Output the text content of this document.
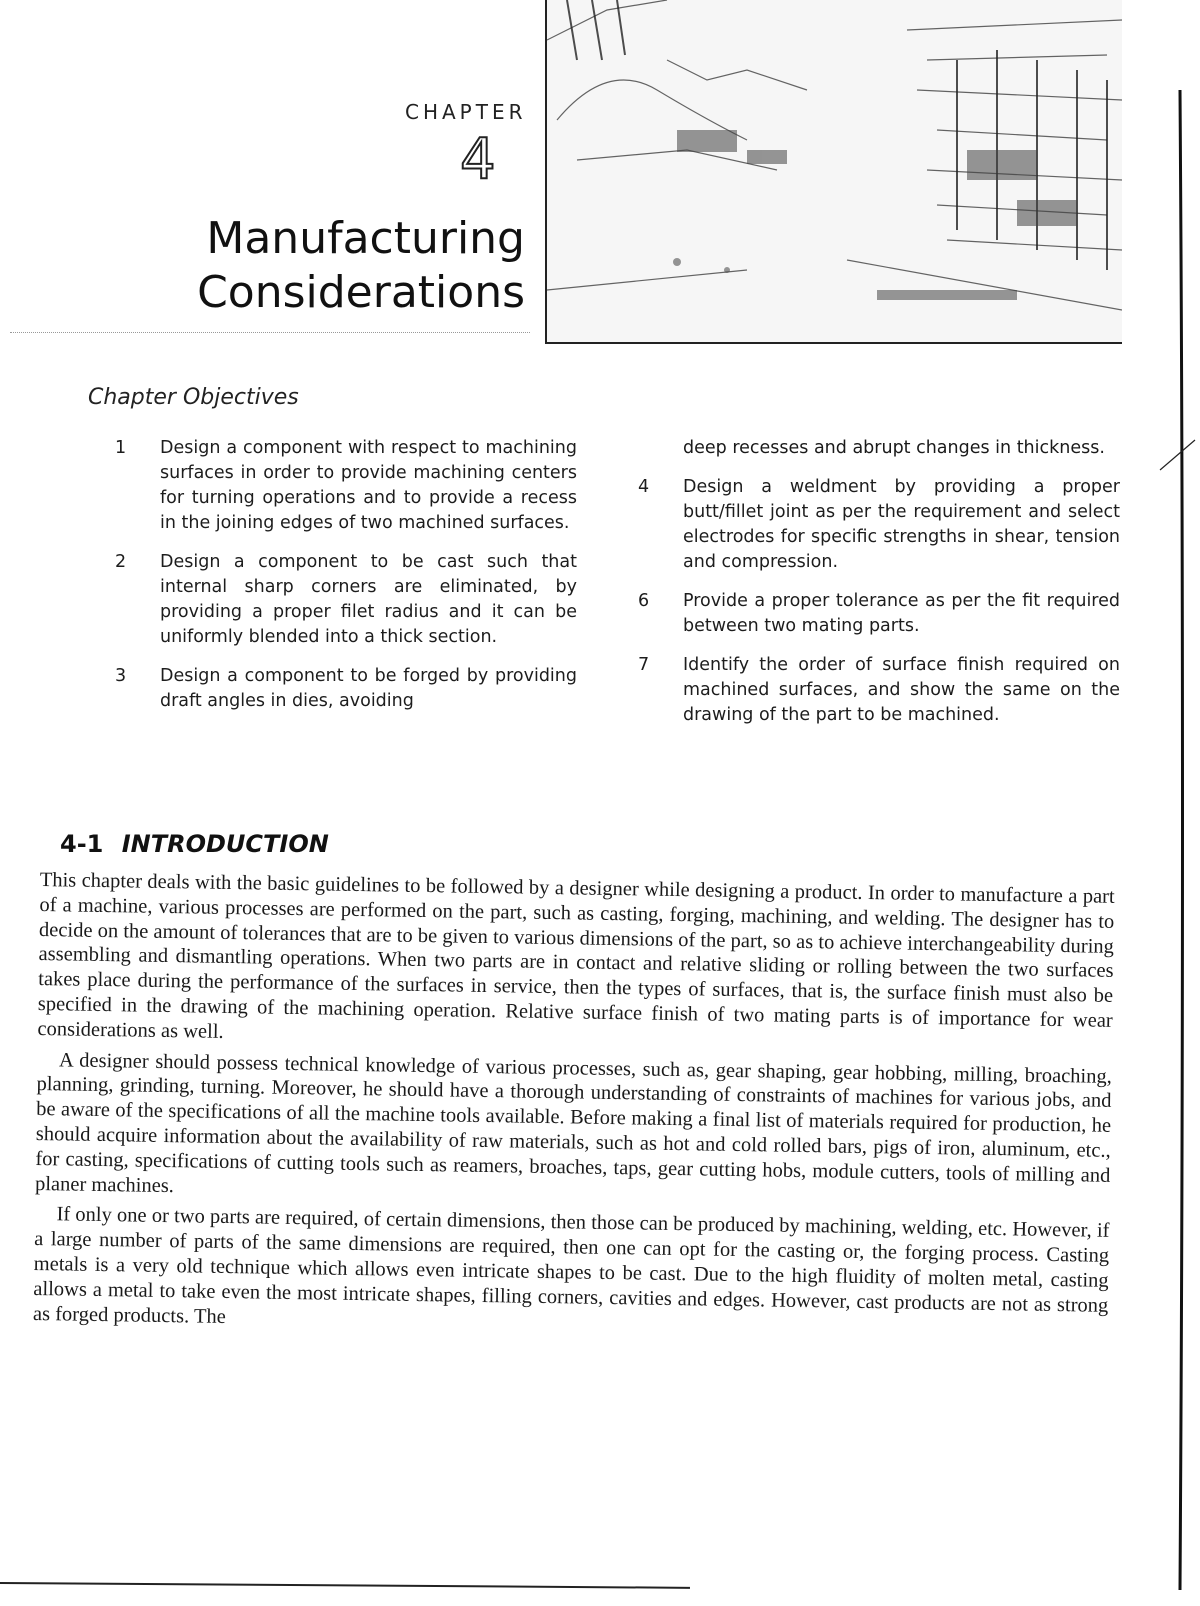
CHAPTER
4
Manufacturing
Considerations
Chapter Objectives
1	Design a component with respect to machining surfaces in order to provide machining centers for turning operations and to provide a recess in the joining edges of two machined surfaces.
2	Design a component to be cast such that internal sharp corners are eliminated, by providing a proper filet radius and it can be uniformly blended into a thick section.
3	Design a component to be forged by providing draft angles in dies, avoiding
deep recesses and abrupt changes in thickness.
4	Design a weldment by providing a proper butt/fillet joint as per the requirement and select electrodes for specific strengths in shear, tension and compression.
6	Provide a proper tolerance as per the fit required between two mating parts.
7	Identify the order of surface finish required on machined surfaces, and show the same on the drawing of the part to be machined.
4-1 INTRODUCTION

This chapter deals with the basic guidelines to be followed by a designer while designing a product. In order to manufacture a part of a machine, various processes are performed on the part, such as casting, forging, machining, and welding. The designer has to decide on the amount of tolerances that are to be given to various dimensions of the part, so as to achieve interchangeability during assembling and dismantling operations. When two parts are in contact and relative sliding or rolling between the two surfaces takes place during the performance of the surfaces in service, then the types of surfaces, that is, the surface finish must also be specified in the drawing of the machining operation. Relative surface finish of two mating parts is of importance for wear considerations as well.

A designer should possess technical knowledge of various processes, such as, gear shaping, gear hobbing, milling, broaching, planning, grinding, turning. Moreover, he should have a thorough understanding of constraints of machines for various jobs, and be aware of the specifications of all the machine tools available. Before making a final list of materials required for production, he should acquire information about the availability of raw materials, such as hot and cold rolled bars, pigs of iron, aluminum, etc., for casting, specifications of cutting tools such as reamers, broaches, taps, gear cutting hobs, module cutters, tools of milling and planer machines.

If only one or two parts are required, of certain dimensions, then those can be produced by machining, welding, etc. However, if a large number of parts of the same dimensions are required, then one can opt for the casting or, the forging process. Casting metals is a very old technique which allows even intricate shapes to be cast. Due to the high fluidity of molten metal, casting allows a metal to take even the most intricate shapes, filling corners, cavities and edges. However, cast products are not as strong as forged products. The
